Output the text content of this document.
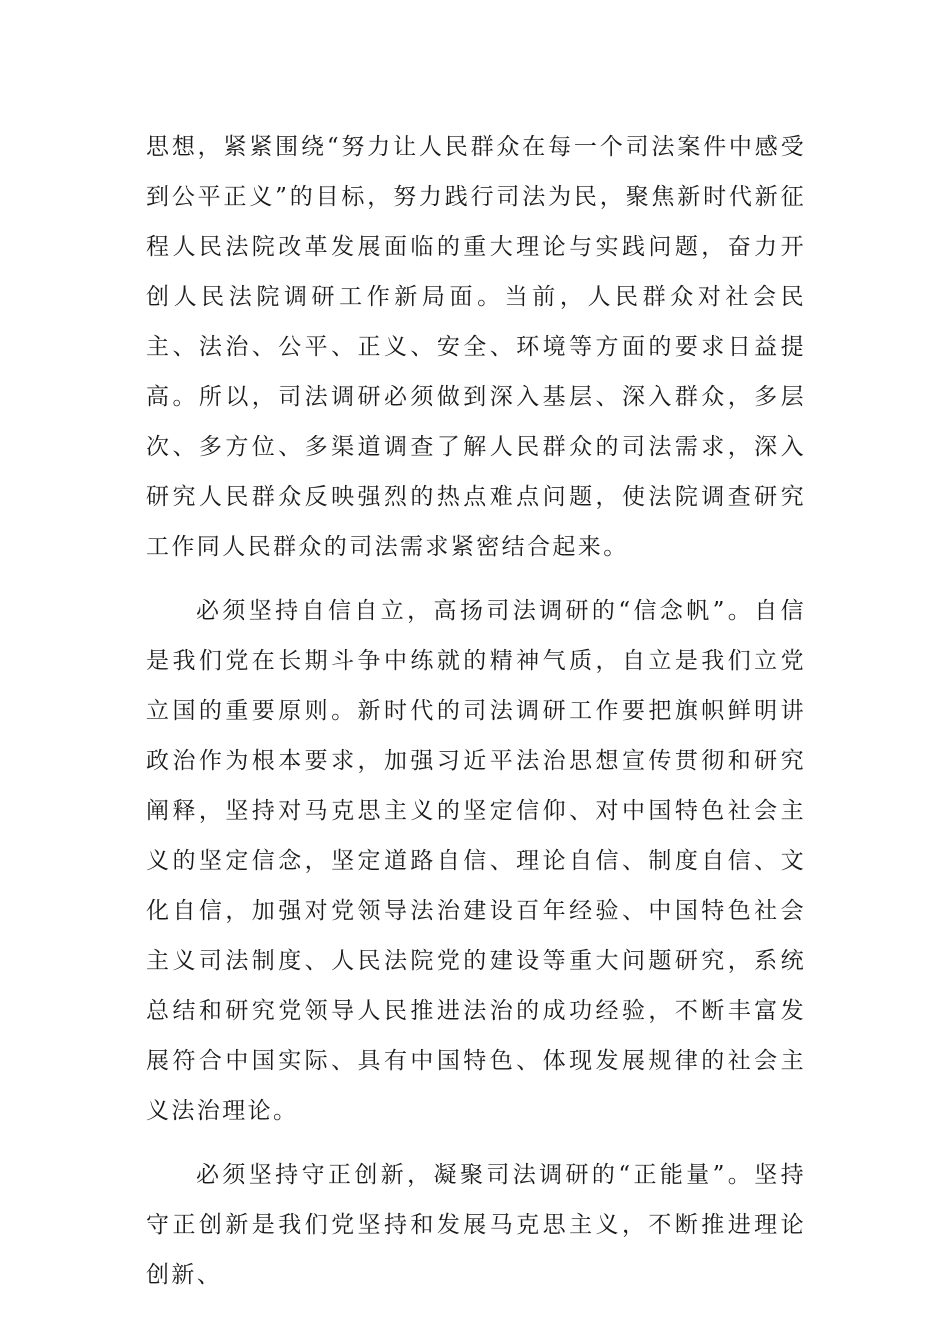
思想，紧紧围绕“努力让人民群众在每一个司法案件中感受到公平正义”的目标，努力践行司法为民，聚焦新时代新征程人民法院改革发展面临的重大理论与实践问题，奋力开创人民法院调研工作新局面。当前，人民群众对社会民主、法治、公平、正义、安全、环境等方面的要求日益提高。所以，司法调研必须做到深入基层、深入群众，多层次、多方位、多渠道调查了解人民群众的司法需求，深入研究人民群众反映强烈的热点难点问题，使法院调查研究工作同人民群众的司法需求紧密结合起来。

必须坚持自信自立，高扬司法调研的“信念帆”。自信是我们党在长期斗争中练就的精神气质，自立是我们立党立国的重要原则。新时代的司法调研工作要把旗帜鲜明讲政治作为根本要求，加强习近平法治思想宣传贯彻和研究阐释，坚持对马克思主义的坚定信仰、对中国特色社会主义的坚定信念，坚定道路自信、理论自信、制度自信、文化自信，加强对党领导法治建设百年经验、中国特色社会主义司法制度、人民法院党的建设等重大问题研究，系统总结和研究党领导人民推进法治的成功经验，不断丰富发展符合中国实际、具有中国特色、体现发展规律的社会主义法治理论。

必须坚持守正创新，凝聚司法调研的“正能量”。坚持守正创新是我们党坚持和发展马克思主义，不断推进理论创新、
